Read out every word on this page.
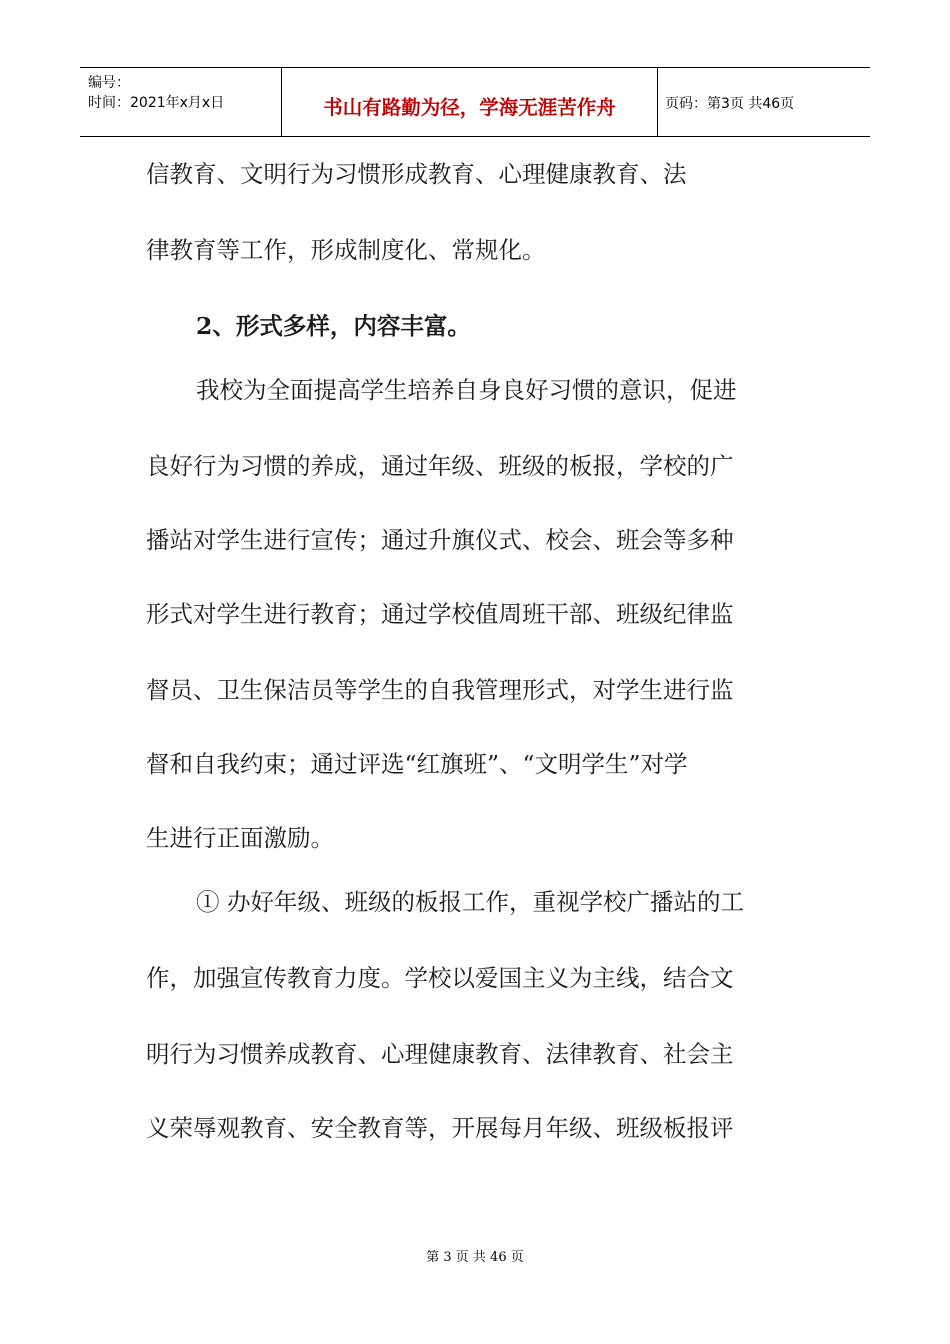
编号：
时间：2021年x月x日	书山有路勤为径，学海无涯苦作舟	页码：第3页 共46页
信教育、文明行为习惯形成教育、心理健康教育、法
律教育等工作，形成制度化、常规化。
2、形式多样，内容丰富。
我校为全面提高学生培养自身良好习惯的意识，促进
良好行为习惯的养成，通过年级、班级的板报，学校的广
播站对学生进行宣传；通过升旗仪式、校会、班会等多种
形式对学生进行教育；通过学校值周班干部、班级纪律监
督员、卫生保洁员等学生的自我管理形式，对学生进行监
督和自我约束；通过评选“红旗班”、“文明学生”对学
生进行正面激励。
① 办好年级、班级的板报工作，重视学校广播站的工
作，加强宣传教育力度。学校以爱国主义为主线，结合文
明行为习惯养成教育、心理健康教育、法律教育、社会主
义荣辱观教育、安全教育等，开展每月年级、班级板报评
第 3 页 共 46 页
